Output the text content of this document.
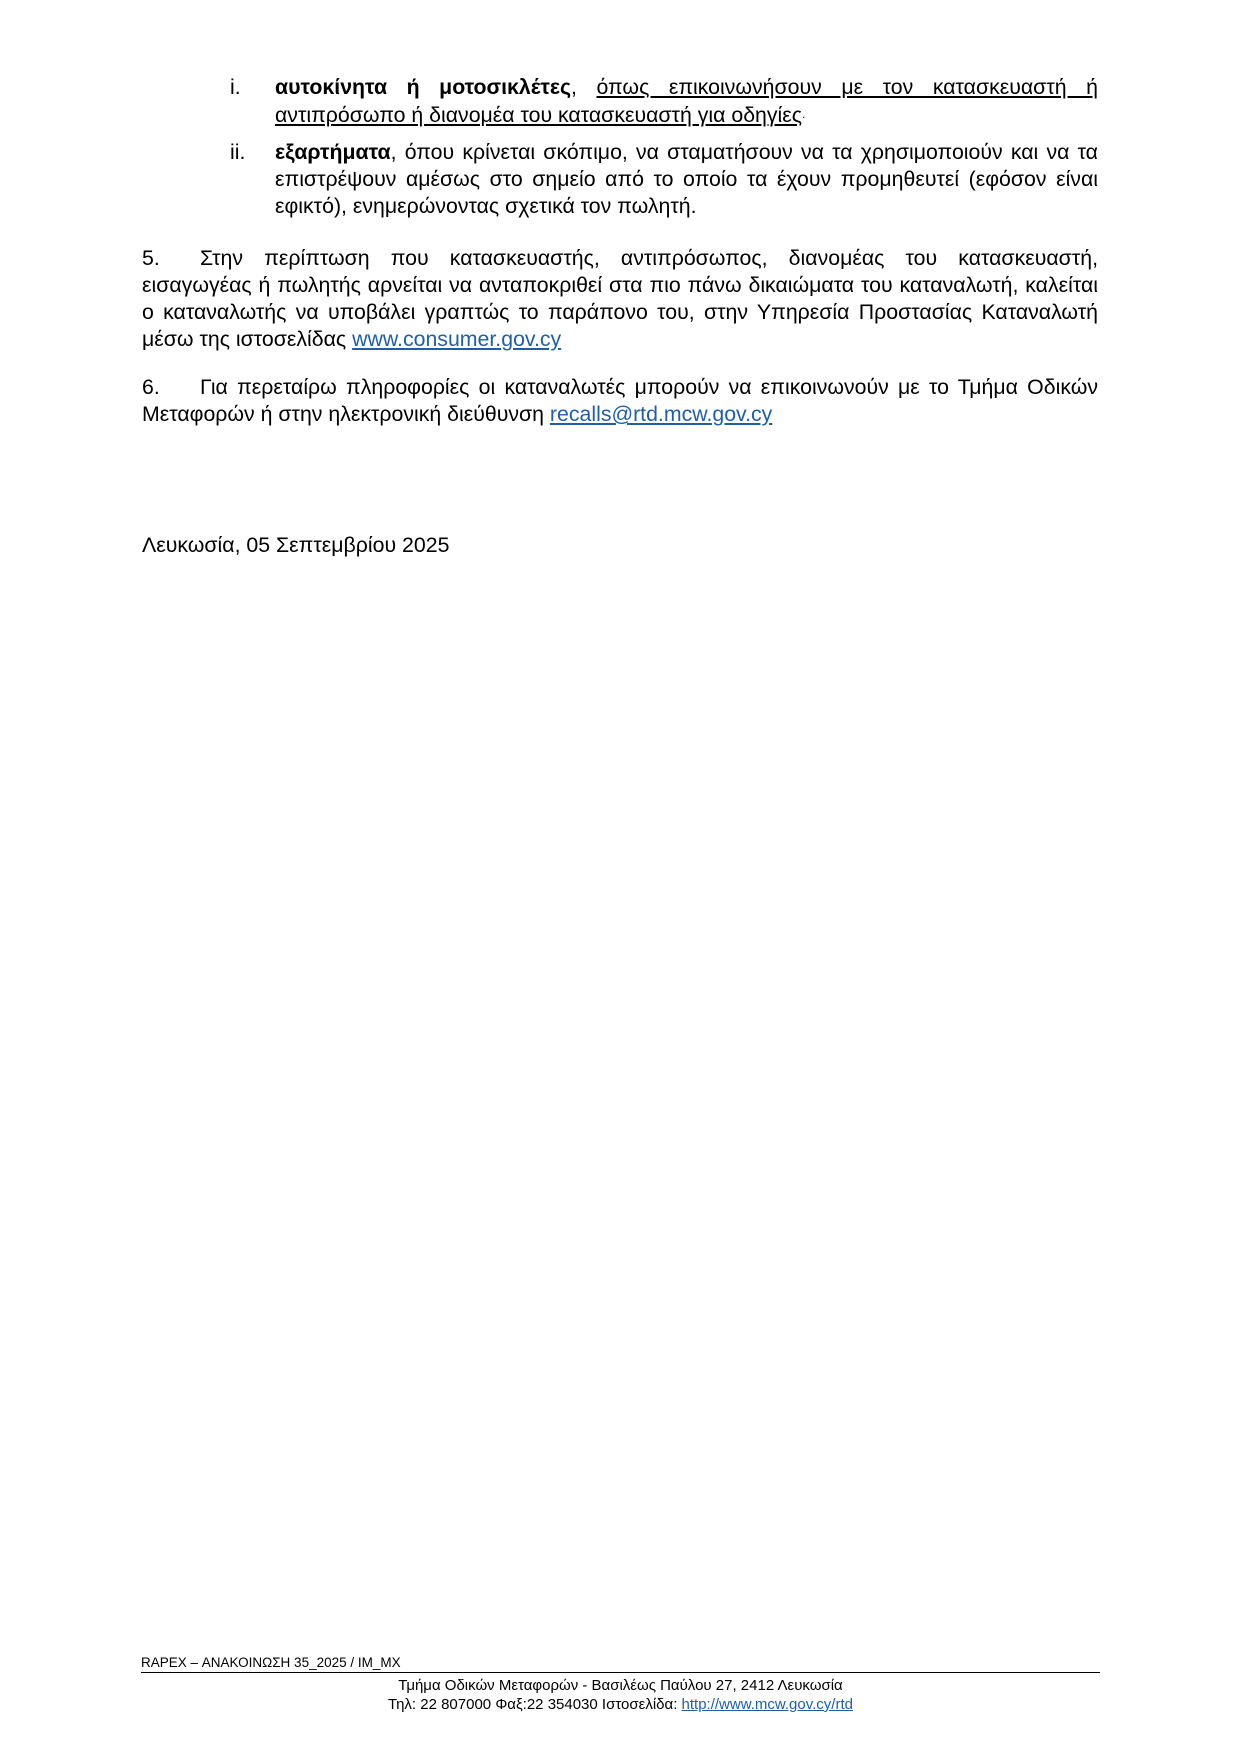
i. αυτοκίνητα ή μοτοσικλέτες, όπως επικοινωνήσουν με τον κατασκευαστή ή αντιπρόσωπο ή διανομέα του κατασκευαστή για οδηγίες.
ii. εξαρτήματα, όπου κρίνεται σκόπιμο, να σταματήσουν να τα χρησιμοποιούν και να τα επιστρέψουν αμέσως στο σημείο από το οποίο τα έχουν προμηθευτεί (εφόσον είναι εφικτό), ενημερώνοντας σχετικά τον πωλητή.
5. Στην περίπτωση που κατασκευαστής, αντιπρόσωπος, διανομέας του κατασκευαστή, εισαγωγέας ή πωλητής αρνείται να ανταποκριθεί στα πιο πάνω δικαιώματα του καταναλωτή, καλείται ο καταναλωτής να υποβάλει γραπτώς το παράπονο του, στην Υπηρεσία Προστασίας Καταναλωτή μέσω της ιστοσελίδας www.consumer.gov.cy
6. Για περεταίρω πληροφορίες οι καταναλωτές μπορούν να επικοινωνούν με το Τμήμα Οδικών Μεταφορών ή στην ηλεκτρονική διεύθυνση recalls@rtd.mcw.gov.cy
Λευκωσία, 05 Σεπτεμβρίου 2025
RAPEX – ΑΝΑΚΟΙΝΩΣΗ 35_2025 / IM_MX
Τμήμα Οδικών Μεταφορών - Βασιλέως Παύλου 27, 2412 Λευκωσία
Τηλ: 22 807000 Φαξ:22 354030 Ιστοσελίδα: http://www.mcw.gov.cy/rtd
